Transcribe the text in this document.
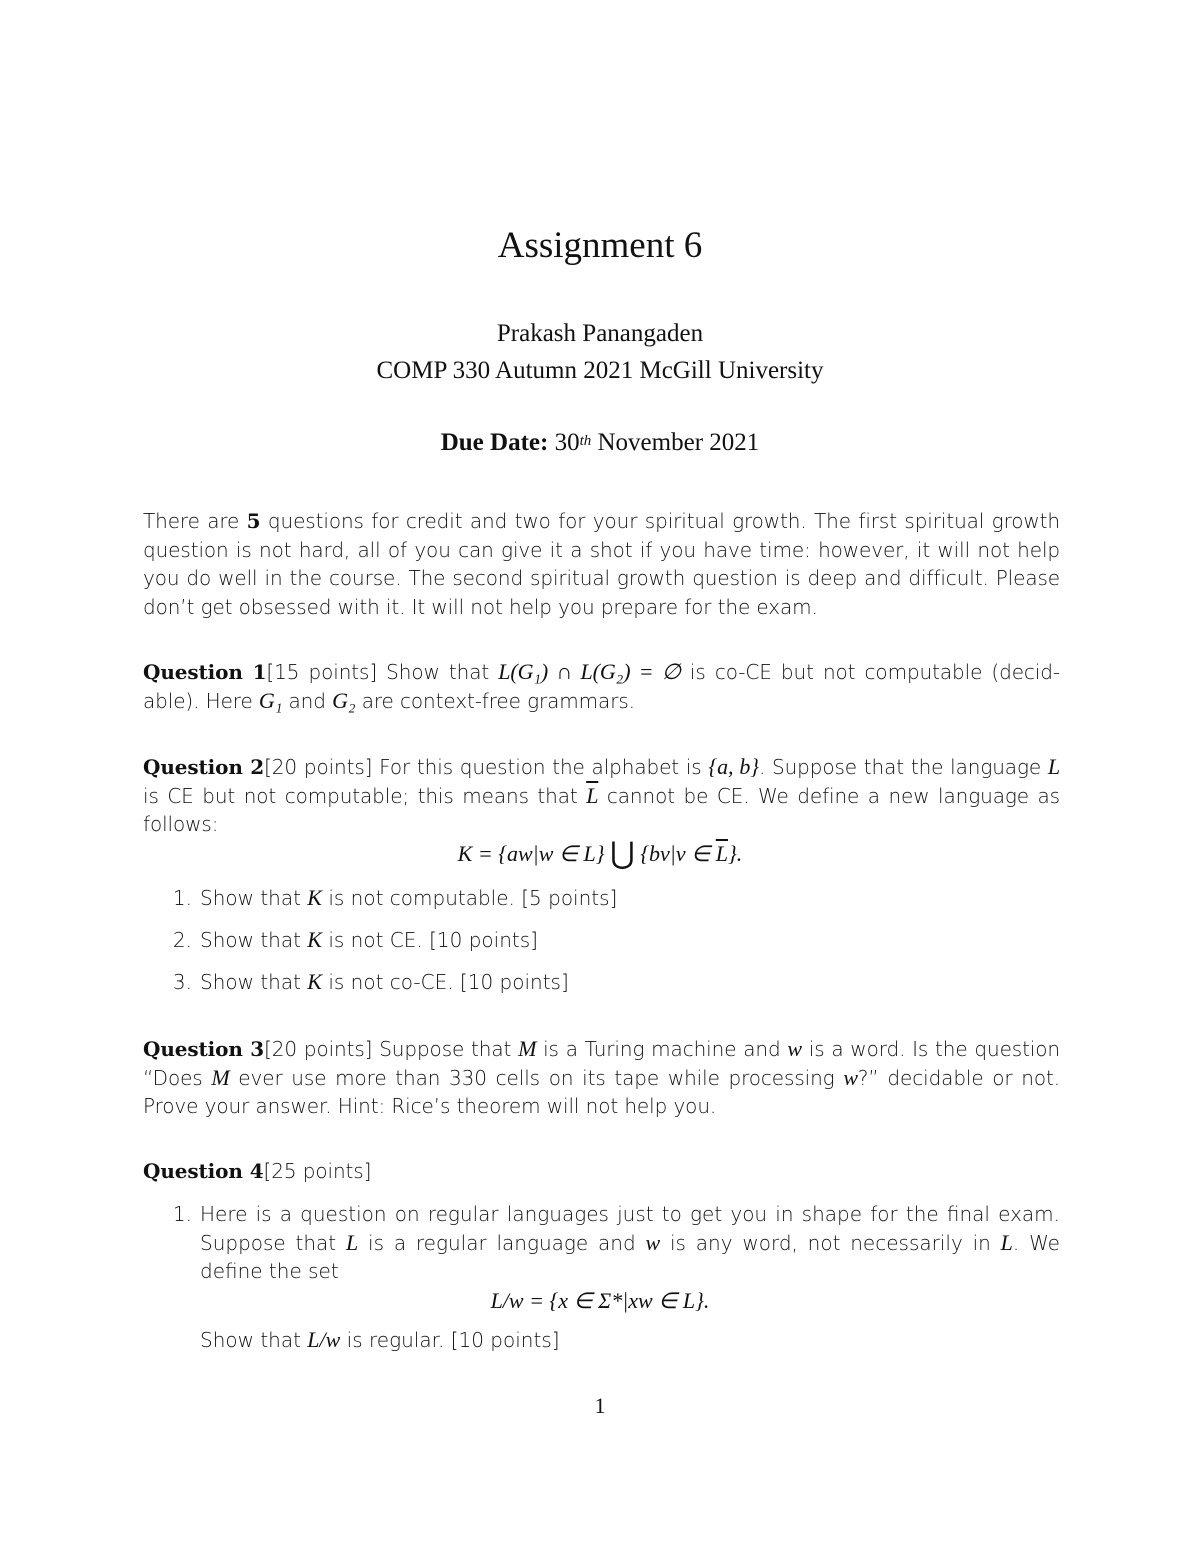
Assignment 6
Prakash Panangaden
COMP 330 Autumn 2021 McGill University
Due Date: 30th November 2021
There are 5 questions for credit and two for your spiritual growth. The first spiritual growth question is not hard, all of you can give it a shot if you have time: however, it will not help you do well in the course. The second spiritual growth question is deep and difficult. Please don’t get obsessed with it. It will not help you prepare for the exam.
Question 1[15 points] Show that L(G₁) ∩ L(G₂) = ∅ is co-CE but not computable (decid-able). Here G₁ and G₂ are context-free grammars.
Question 2[20 points] For this question the alphabet is {a, b}. Suppose that the language L is CE but not computable; this means that $\overline{L}$ cannot be CE. We define a new language as follows:
K = {aw|w ∈ L} ⋃ {bv|v ∈ $\overline{L}$}.
1. Show that K is not computable. [5 points]
2. Show that K is not CE. [10 points]
3. Show that K is not co-CE. [10 points]
Question 3[20 points] Suppose that M is a Turing machine and w is a word. Is the question “Does M ever use more than 330 cells on its tape while processing w?” decidable or not. Prove your answer. Hint: Rice’s theorem will not help you.
Question 4[25 points]
1. Here is a question on regular languages just to get you in shape for the final exam. Suppose that L is a regular language and w is any word, not necessarily in L. We define the set
L/w = {x ∈ Σ*|xw ∈ L}.
Show that L/w is regular. [10 points]
1
